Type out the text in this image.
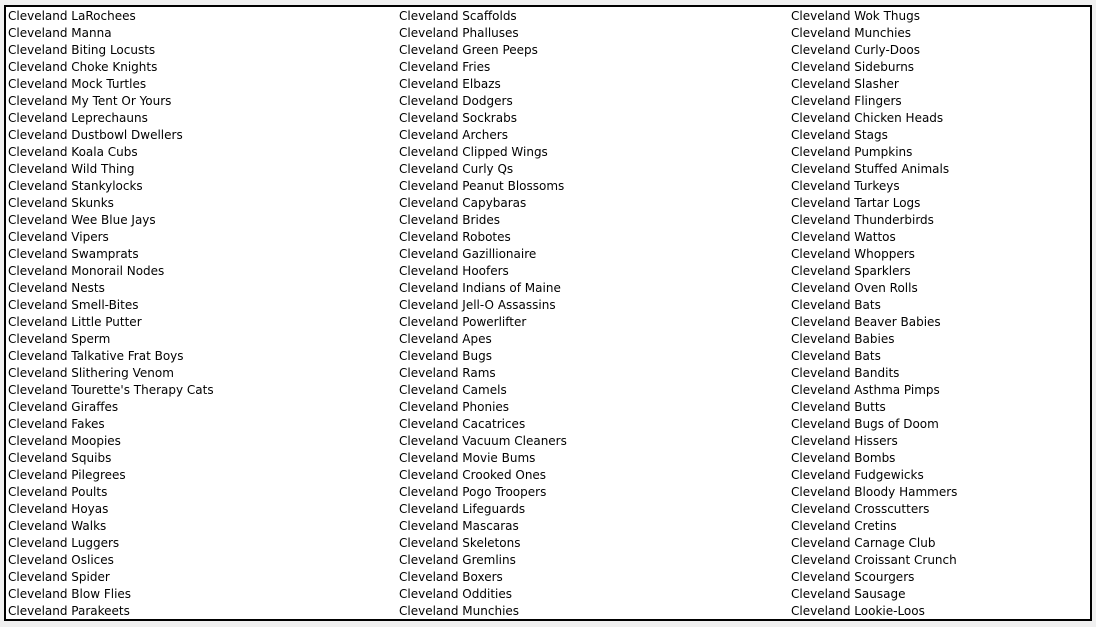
Cleveland LaRochees
Cleveland Manna
Cleveland Biting Locusts
Cleveland Choke Knights
Cleveland Mock Turtles
Cleveland My Tent Or Yours
Cleveland Leprechauns
Cleveland Dustbowl Dwellers
Cleveland Koala Cubs
Cleveland Wild Thing
Cleveland Stankylocks
Cleveland Skunks
Cleveland Wee Blue Jays
Cleveland Vipers
Cleveland Swamprats
Cleveland Monorail Nodes
Cleveland Nests
Cleveland Smell-Bites
Cleveland Little Putter
Cleveland Sperm
Cleveland Talkative Frat Boys
Cleveland Slithering Venom
Cleveland Tourette's Therapy Cats
Cleveland Giraffes
Cleveland Fakes
Cleveland Moopies
Cleveland Squibs
Cleveland Pilegrees
Cleveland Poults
Cleveland Hoyas
Cleveland Walks
Cleveland Luggers
Cleveland Oslices
Cleveland Spider
Cleveland Blow Flies
Cleveland Parakeets
Cleveland Scaffolds
Cleveland Phalluses
Cleveland Green Peeps
Cleveland Fries
Cleveland Elbazs
Cleveland Dodgers
Cleveland Sockrabs
Cleveland Archers
Cleveland Clipped Wings
Cleveland Curly Qs
Cleveland Peanut Blossoms
Cleveland Capybaras
Cleveland Brides
Cleveland Robotes
Cleveland Gazillionaire
Cleveland Hoofers
Cleveland Indians of Maine
Cleveland Jell-O Assassins
Cleveland Powerlifter
Cleveland Apes
Cleveland Bugs
Cleveland Rams
Cleveland Camels
Cleveland Phonies
Cleveland Cacatrices
Cleveland Vacuum Cleaners
Cleveland Movie Bums
Cleveland Crooked Ones
Cleveland Pogo Troopers
Cleveland Lifeguards
Cleveland Mascaras
Cleveland Skeletons
Cleveland Gremlins
Cleveland Boxers
Cleveland Oddities
Cleveland Munchies
Cleveland Wok Thugs
Cleveland Munchies
Cleveland Curly-Doos
Cleveland Sideburns
Cleveland Slasher
Cleveland Flingers
Cleveland Chicken Heads
Cleveland Stags
Cleveland Pumpkins
Cleveland Stuffed Animals
Cleveland Turkeys
Cleveland Tartar Logs
Cleveland Thunderbirds
Cleveland Wattos
Cleveland Whoppers
Cleveland Sparklers
Cleveland Oven Rolls
Cleveland Bats
Cleveland Beaver Babies
Cleveland Babies
Cleveland Bats
Cleveland Bandits
Cleveland Asthma Pimps
Cleveland Butts
Cleveland Bugs of Doom
Cleveland Hissers
Cleveland Bombs
Cleveland Fudgewicks
Cleveland Bloody Hammers
Cleveland Crosscutters
Cleveland Cretins
Cleveland Carnage Club
Cleveland Croissant Crunch
Cleveland Scourgers
Cleveland Sausage
Cleveland Lookie-Loos
